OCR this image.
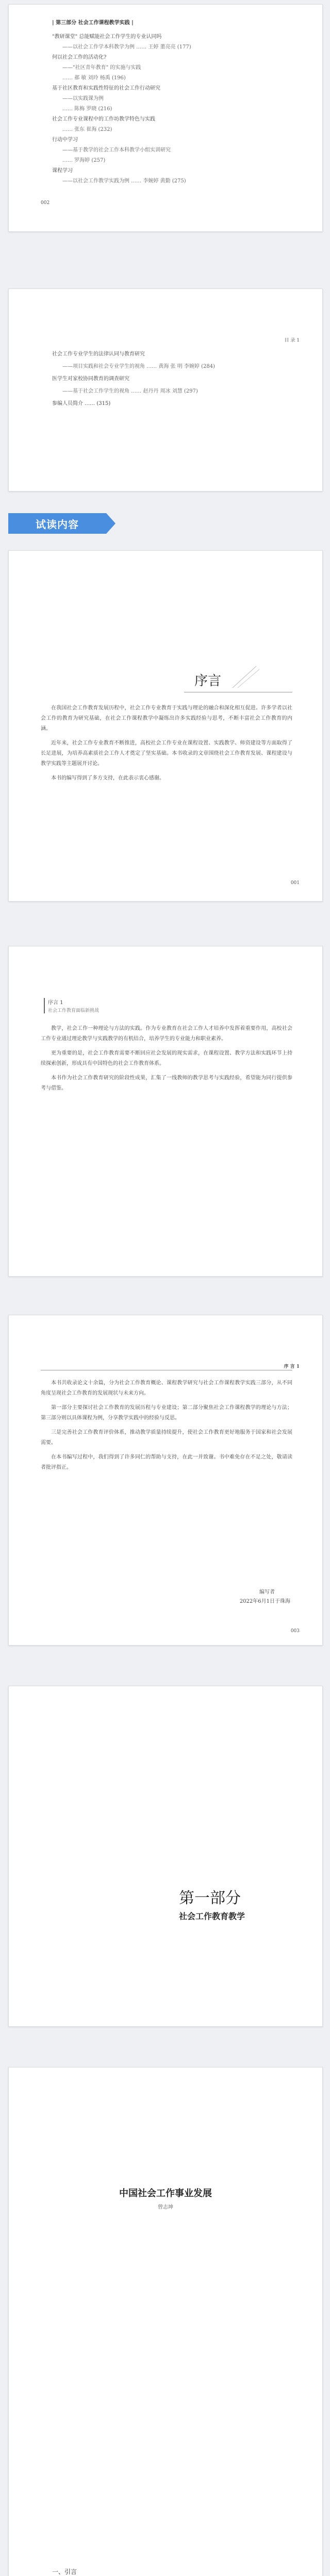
| 第三部分 社会工作课程教学实践 |
"教研课堂" 总能赋能社会工作学生的专业认同吗
——以社会工作学本科教学为例 …… 王婷 董亮亮 (177)
何以社会工作的活动化?
——"社区青年教育" 的实施与实践
…… 郝 敏 刘玲 杨禹 (196)
基于社区教育和实践性特征的社会工作行动研究
——以实践课为例
…… 陈梅 罗晓 (216)
社会工作专业课程中的工作坊教学特色与实践
…… 张东 崔海 (232)
行动中学习
——基于教学的社会工作本科教学小组实训研究
…… 罗海婷 (257)
课程学习
——以社会工作教学实践为例 …… 李婉婷 黄勤 (275)
002
目 录 1
社会工作专业学生的法律认同与教育研究
——项目实践和社会专业学生的视角 …… 黄海 张 明 李婉婷 (284)
医学生对家校协同教育的调查研究
——基于社会工作学生的视角 …… 赵丹丹 周冰 刘慧 (297)
参编人员简介 …… (315)
试读内容
序言

在我国社会工作教育发展历程中，社会工作专业教育于实践与理论的融合和深化相互促进。许多学者以社会工作的教育为研究基础，在社会工作课程教学中凝练出许多实践经验与思考，不断丰富社会工作教育的内涵。

近年来，社会工作专业教育不断推进，高校社会工作专业在课程设置、实践教学、师资建设等方面取得了长足进展，为培养高素质社会工作人才奠定了坚实基础。本书收录的文章围绕社会工作教育发展、课程建设与教学实践等主题展开讨论。

本书的编写得到了多方支持，在此表示衷心感谢。

001
序言 1
社会工作教育面临新挑战

教学，社会工作一种理论与方法的实践。作为专业教育在社会工作人才培养中发挥着重要作用，高校社会工作专业通过理论教学与实践教学的有机结合，培养学生的专业能力和职业素养。

更为重要的是，社会工作教育需要不断回应社会发展的现实需求，在课程设置、教学方法和实践环节上持续探索创新，形成具有中国特色的社会工作教育体系。

本书作为社会工作教育研究的阶段性成果，汇集了一线教师的教学思考与实践经验，希望能为同行提供参考与借鉴。

序 言 1

本书共收录论文十余篇，分为社会工作教育概论、课程教学研究与社会工作课程教学实践三部分，从不同角度呈现社会工作教育的发展现状与未来方向。

第一部分主要探讨社会工作教育的发展历程与专业建设；第二部分聚焦社会工作课程教学的理论与方法；第三部分则以具体课程为例，分享教学实践中的经验与反思。

三是完善社会工作教育评价体系，推动教学质量持续提升，使社会工作教育更好地服务于国家和社会发展需要。

在本书编写过程中，我们得到了许多同仁的帮助与支持，在此一并致谢。书中难免存在不足之处，敬请读者批评指正。

编写者
2022年6月1日于珠海
003
第一部分
社会工作教育教学
中国社会工作事业发展
曾志坤
一、引言
